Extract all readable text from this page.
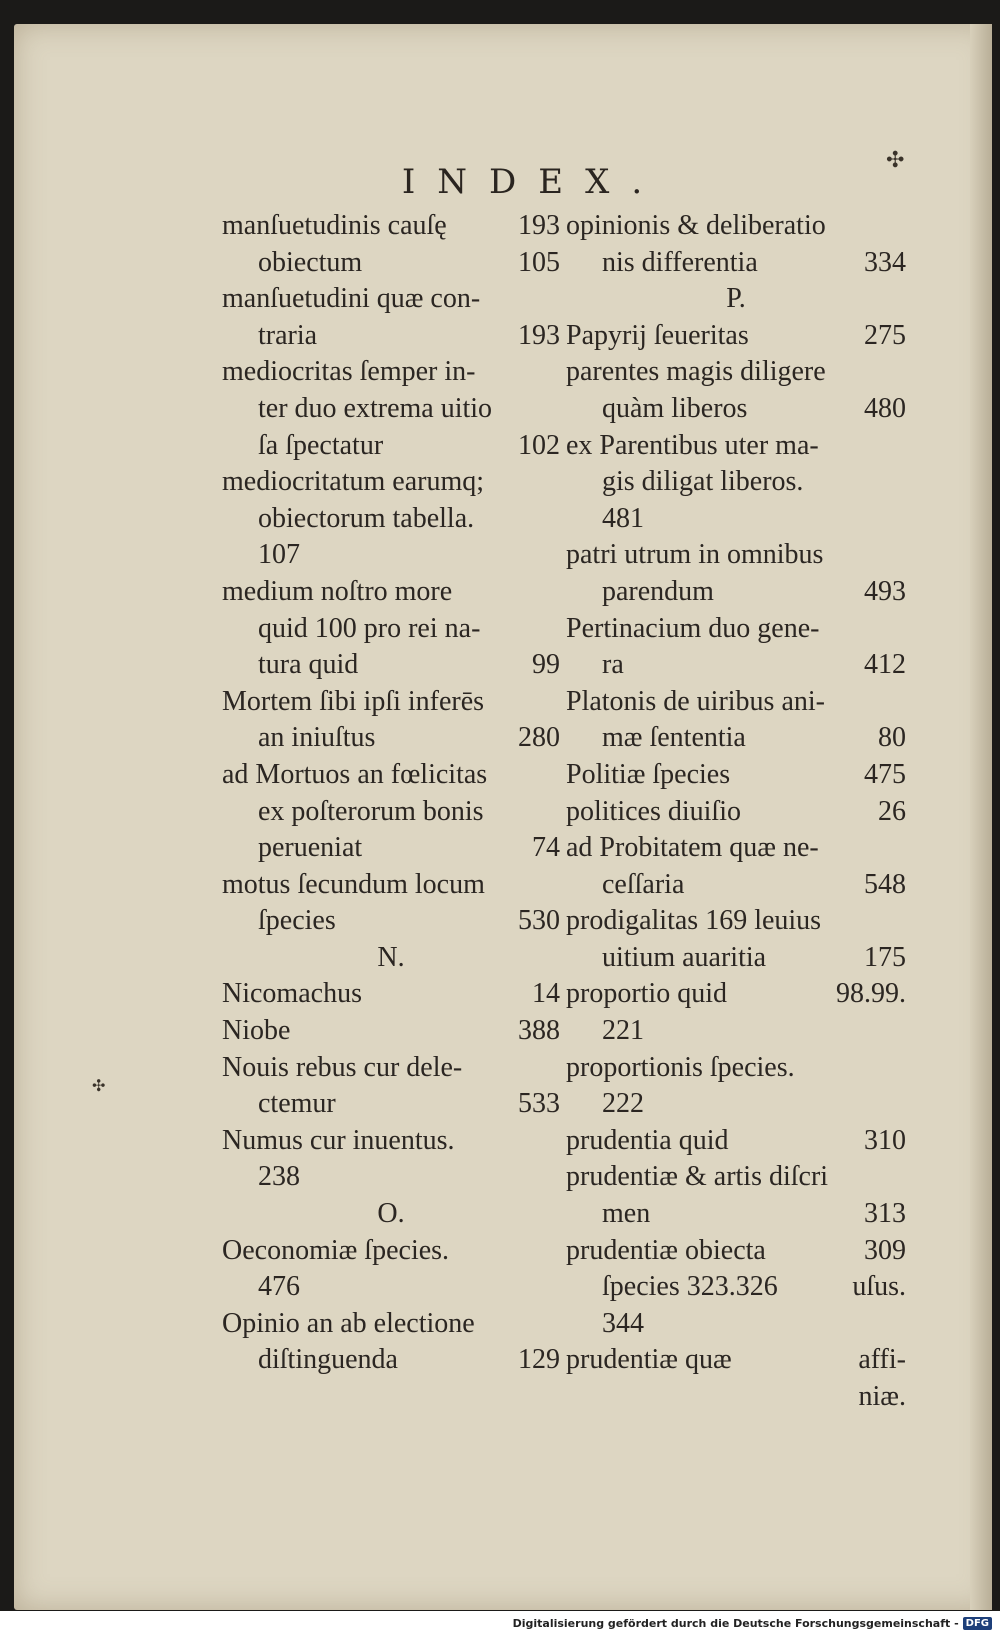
INDEX.
✣
✣
manſuetudinis cauſę	193
obiectum	105
manſuetudini quæ con-
traria	193
mediocritas ſemper in-
ter duo extrema uitio
ſa ſpectatur	102
mediocritatum earumq;
obiectorum tabella.
107
medium noſtro more
quid 100 pro rei na-
tura quid	99
Mortem ſibi ipſi inferēs
an iniuſtus	280
ad Mortuos an fœlicitas
ex poſterorum bonis
perueniat	74
motus ſecundum locum
ſpecies	530
N.
Nicomachus	14
Niobe	388
Nouis rebus cur dele-
ctemur	533
Numus cur inuentus.
238
O.
Oeconomiæ ſpecies.
476
Opinio an ab electione
diſtinguenda	129
opinionis & deliberatio
nis differentia	334
P.
Papyrij ſeueritas	275
parentes magis diligere
quàm liberos	480
ex Parentibus uter ma-
gis diligat liberos.
481
patri utrum in omnibus
parendum	493
Pertinacium duo gene-
ra	412
Platonis de uiribus ani-
mæ ſententia	80
Politiæ ſpecies	475
politices diuiſio	26
ad Probitatem quæ ne-
ceſſaria	548
prodigalitas 169 leuius
uitium auaritia	175
proportio quid	98.99.
221
proportionis ſpecies.
222
prudentia quid	310
prudentiæ & artis diſcri
men	313
prudentiæ obiecta	309
ſpecies 323.326	uſus.
344
prudentiæ quæ	affi-
niæ.
Digitalisierung gefördert durch die Deutsche Forschungsgemeinschaft - DFG
